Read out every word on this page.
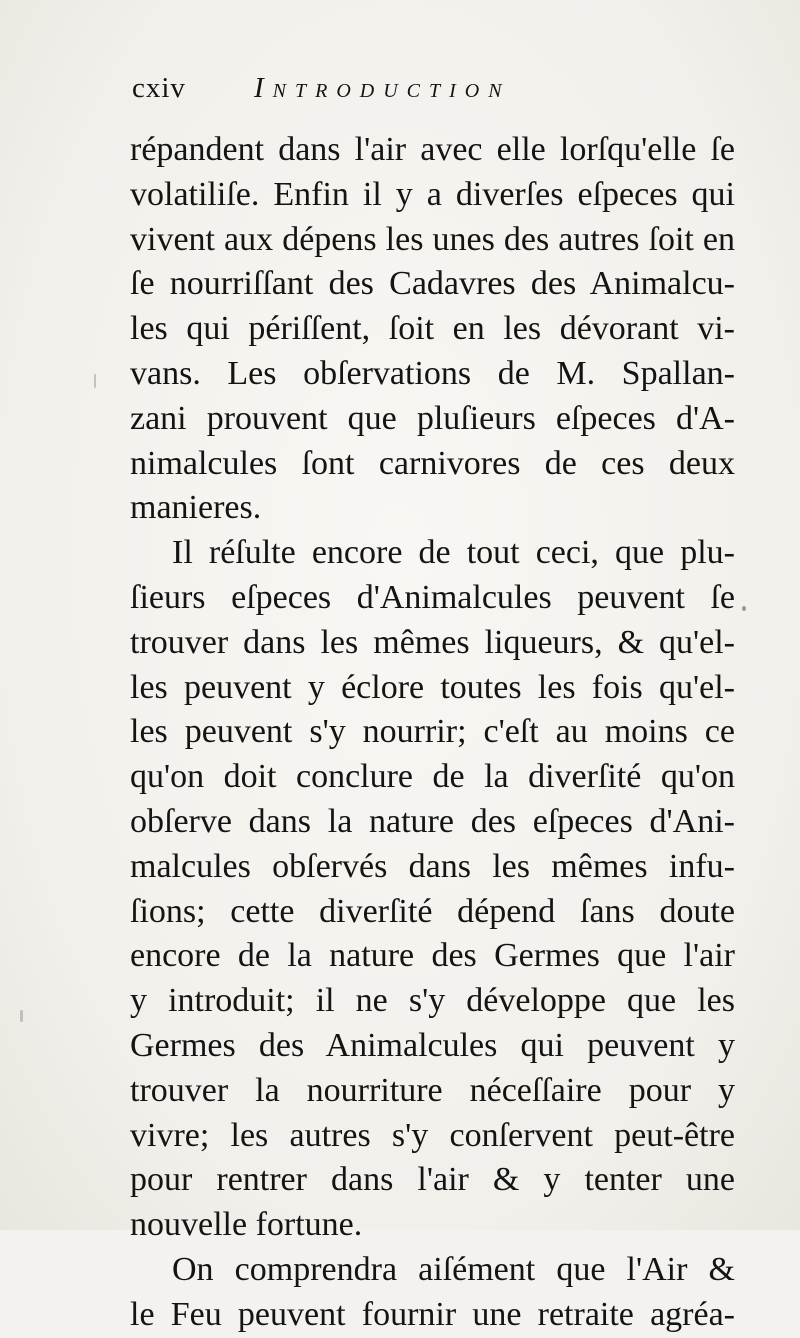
cxiv Introduction
répandent dans l'air avec elle lorſqu'elle ſe
volatiliſe. Enfin il y a diverſes eſpeces qui
vivent aux dépens les unes des autres ſoit en
ſe nourriſſant des Cadavres des Animalcu-
les qui périſſent, ſoit en les dévorant vi-
vans. Les obſervations de M. Spallan-
zani prouvent que pluſieurs eſpeces d'A-
nimalcules ſont carnivores de ces deux
manieres.
Il réſulte encore de tout ceci, que plu-
ſieurs eſpeces d'Animalcules peuvent ſe
trouver dans les mêmes liqueurs, & qu'el-
les peuvent y éclore toutes les fois qu'el-
les peuvent s'y nourrir; c'eſt au moins ce
qu'on doit conclure de la diverſité qu'on
obſerve dans la nature des eſpeces d'Ani-
malcules obſervés dans les mêmes infu-
ſions; cette diverſité dépend ſans doute
encore de la nature des Germes que l'air
y introduit; il ne s'y développe que les
Germes des Animalcules qui peuvent y
trouver la nourriture néceſſaire pour y
vivre; les autres s'y conſervent peut-être
pour rentrer dans l'air & y tenter une
nouvelle fortune.
On comprendra aiſément que l'Air &
le Feu peuvent fournir une retraite agréa-
